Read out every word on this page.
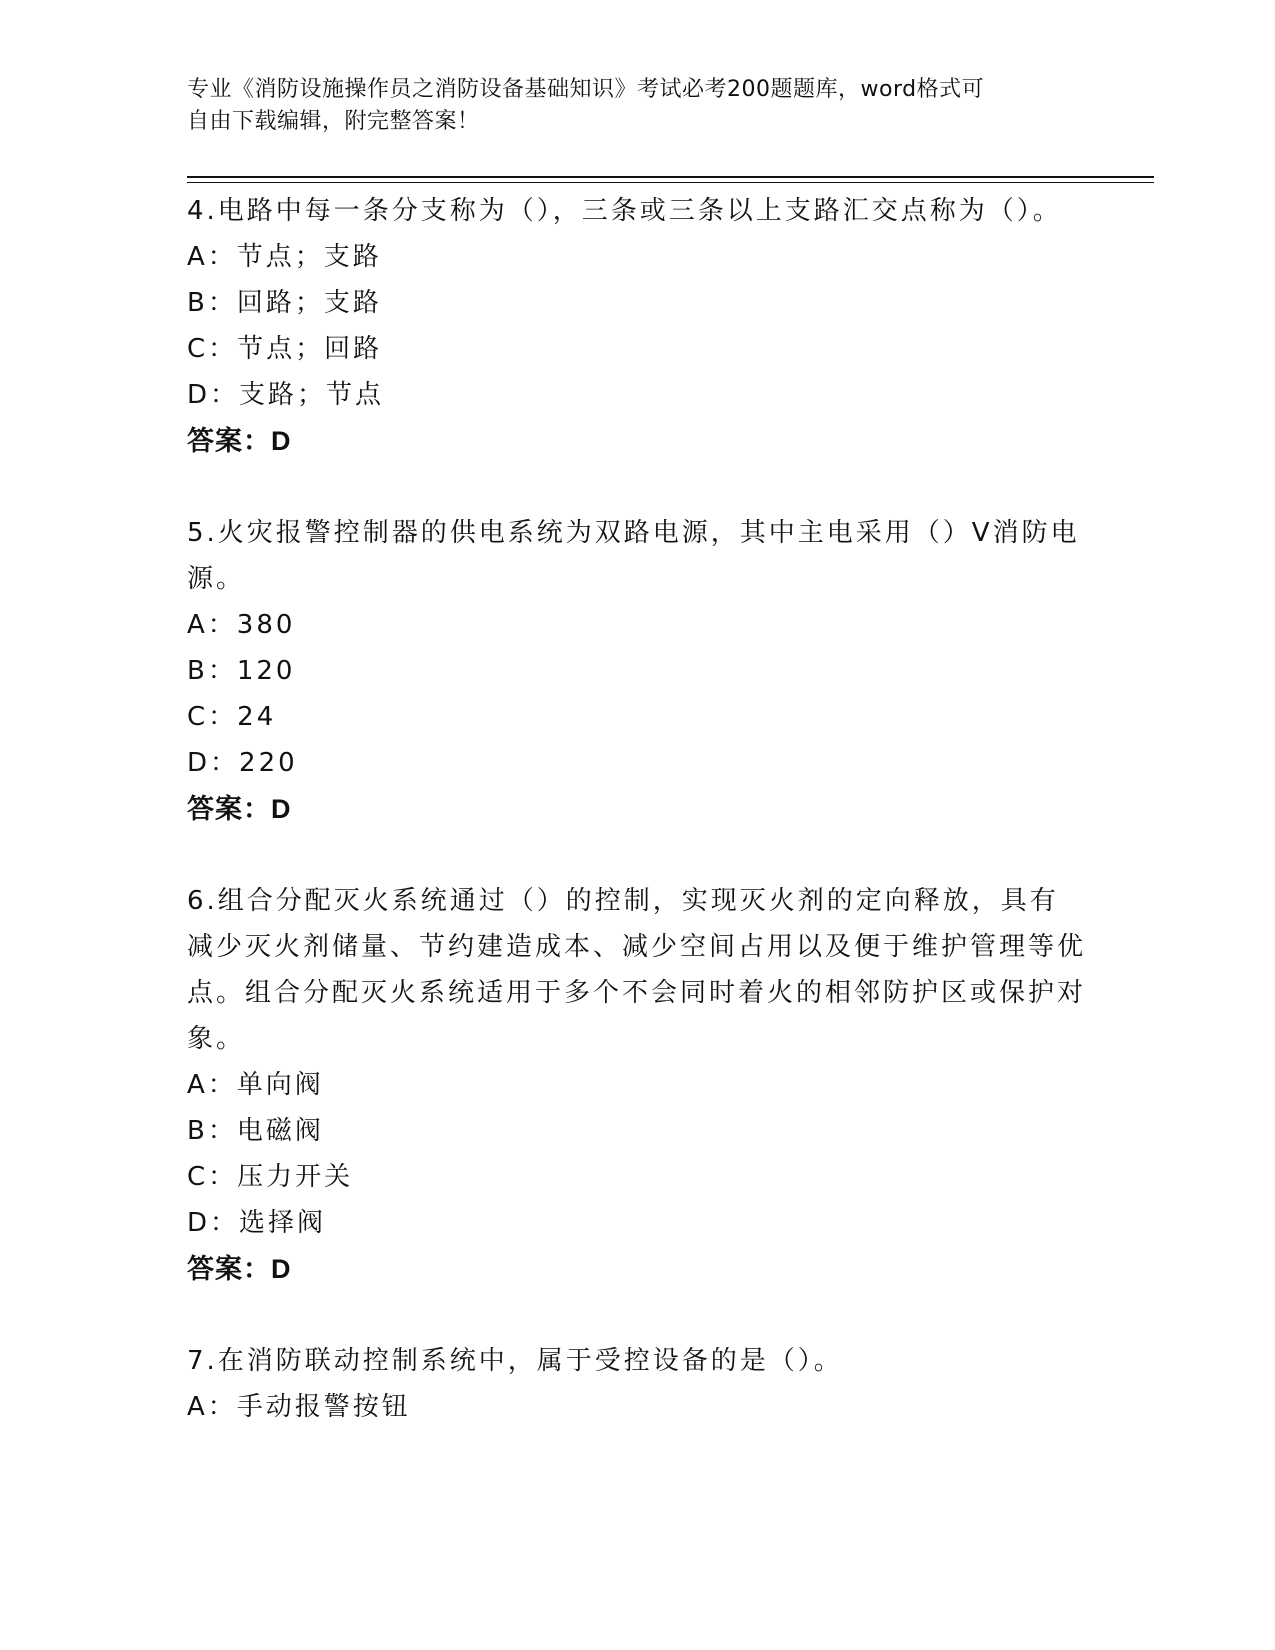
专业《消防设施操作员之消防设备基础知识》考试必考200题题库，word格式可
自由下载编辑，附完整答案！

4.电路中每一条分支称为（），三条或三条以上支路汇交点称为（）。

A：节点；支路

B：回路；支路

C：节点；回路

D：支路；节点

答案：D

5.火灾报警控制器的供电系统为双路电源，其中主电采用（）V消防电源。

A：380

B：120

C：24

D：220

答案：D

6.组合分配灭火系统通过（）的控制，实现灭火剂的定向释放，具有减少灭火剂储量、节约建造成本、减少空间占用以及便于维护管理等优点。组合分配灭火系统适用于多个不会同时着火的相邻防护区或保护对象。

A：单向阀

B：电磁阀

C：压力开关

D：选择阀

答案：D

7.在消防联动控制系统中，属于受控设备的是（）。

A：手动报警按钮
